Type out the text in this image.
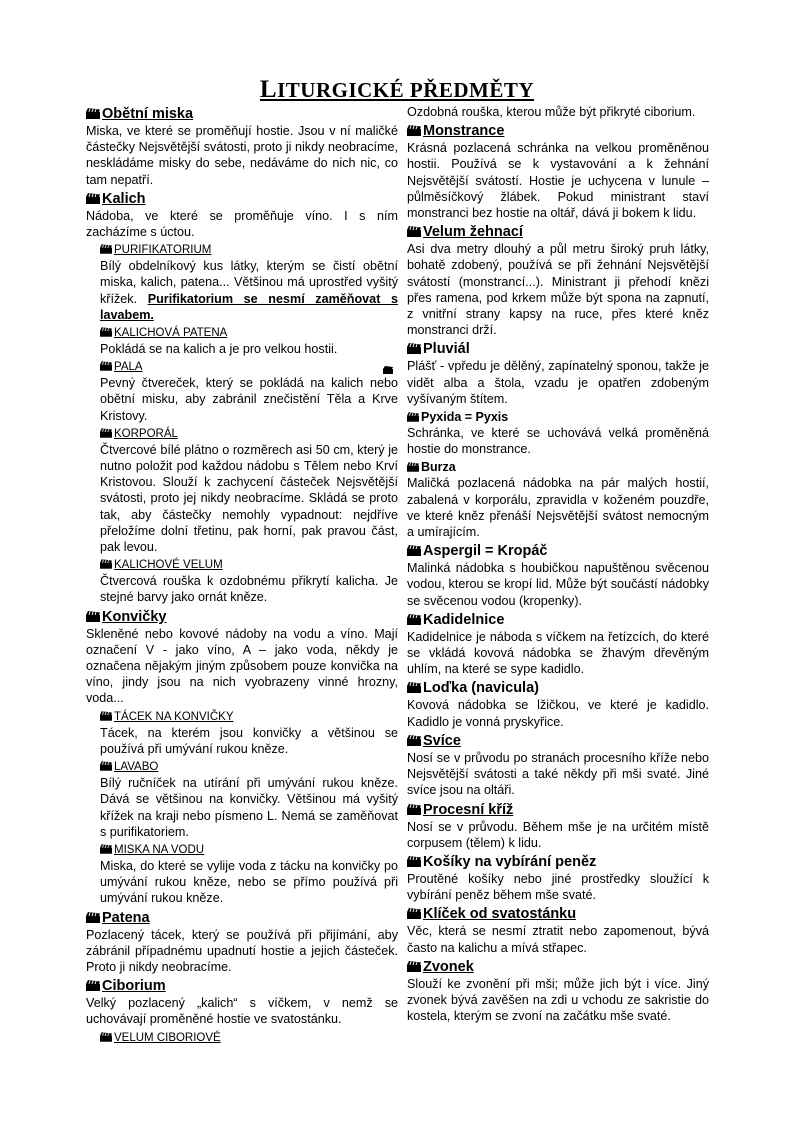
LITURGICKÉ PŘEDMĚTY
Obětní miska
Miska, ve které se proměňují hostie. Jsou v ní maličké částečky Nejsvětější svátosti, proto ji nikdy neobracíme, neskládáme misky do sebe, nedáváme do nich nic, co tam nepatří.
Kalich
Nádoba, ve které se proměňuje víno. I s ním zacházíme s úctou.
PURIFIKATORIUM
Bílý obdelníkový kus látky, kterým se čistí obětní miska, kalich, patena... Většinou má uprostřed vyšitý křížek. Purifikatorium se nesmí zaměňovat s lavabem.
KALICHOVÁ PATENA
Pokládá se na kalich a je pro velkou hostii.
PALA
Pevný čtvereček, který se pokládá na kalich nebo obětní misku, aby zabránil znečistění Těla a Krve Kristovy.
KORPORÁL
Čtvercové bílé plátno o rozměrech asi 50 cm, který je nutno položit pod každou nádobu s Tělem nebo Krví Kristovou. Slouží k zachycení částeček Nejsvětější svátosti, proto jej nikdy neobracíme. Skládá se proto tak, aby částečky nemohly vypadnout: nejdříve přeložíme dolní třetinu, pak horní, pak pravou část, pak levou.
KALICHOVÉ VELUM
Čtvercová rouška k ozdobnému přikrytí kalicha. Je stejné barvy jako ornát kněze.
Konvičky
Skleněné nebo kovové nádoby na vodu a víno. Mají označení V - jako víno, A – jako voda, někdy je označena nějakým jiným způsobem pouze konvička na víno, jindy jsou na nich vyobrazeny vinné hrozny, voda...
TÁCEK NA KONVIČKY
Tácek, na kterém jsou konvičky a většinou se používá při umývání rukou kněze.
LAVABO
Bílý ručníček na utírání při umývání rukou kněze. Dává se většinou na konvičky. Většinou má vyšitý křížek na kraji nebo písmeno L. Nemá se zaměňovat s purifikatoriem.
MISKA NA VODU
Miska, do které se vylije voda z tácku na konvičky po umývání rukou kněze, nebo se přímo používá při umývání rukou kněze.
Patena
Pozlacený tácek, který se používá při přijímání, aby zábránil případnému upadnutí hostie a jejich částeček. Proto ji nikdy neobracíme.
Ciborium
Velký pozlacený „kalich“ s víčkem, v nemž se uchovávají proměněné hostie ve svatostánku.
VELUM CIBORIOVÉ
Ozdobná rouška, kterou může být přikryté ciborium.
Monstrance
Krásná pozlacená schránka na velkou proměněnou hostii. Používá se k vystavování a k žehnání Nejsvětější svátostí. Hostie je uchycena v lunule – půlměsíčkový žlábek. Pokud ministrant staví monstranci bez hostie na oltář, dává ji bokem k lidu.
Velum žehnací
Asi dva metry dlouhý a půl metru široký pruh látky, bohatě zdobený, používá se při žehnání Nejsvětější svátostí (monstrancí...). Ministrant ji přehodí knězi přes ramena, pod krkem může být spona na zapnutí, z vnitřní strany kapsy na ruce, přes které kněz monstranci drží.
Pluviál
Plášť - vpředu je dělěný, zapínatelný sponou, takže je vidět alba a štola, vzadu je opatřen zdobeným vyšívaným štítem.
Pyxida = Pyxis
Schránka, ve které se uchovává velká proměněná hostie do monstrance.
Burza
Maličká pozlacená nádobka na pár malých hostií, zabalená v korporálu, zpravidla v koženém pouzdře, ve které kněz přenáší Nejsvětější svátost nemocným a umírajícím.
Aspergil = Kropáč
Malinká nádobka s houbičkou napuštěnou svěcenou vodou, kterou se kropí lid. Může být součástí nádobky se svěcenou vodou (kropenky).
Kadidelnice
Kadidelnice je náboda s víčkem na řetízcích, do které se vkládá kovová nádobka se žhavým dřevěným uhlím, na které se sype kadidlo.
Loďka (navicula)
Kovová nádobka se lžičkou, ve které je kadidlo. Kadidlo je vonná pryskyřice.
Svíce
Nosí se v průvodu po stranách procesního kříže nebo Nejsvětější svátosti a také někdy při mši svaté. Jiné svíce jsou na oltáři.
Procesní kříž
Nosí se v průvodu. Během mše je na určitém místě corpusem (tělem) k lidu.
Košíky na vybírání peněz
Proutěné košíky nebo jiné prostředky sloužící k vybírání peněz během mše svaté.
Klíček od svatostánku
Věc, která se nesmí ztratit nebo zapomenout, bývá často na kalichu a mívá střapec.
Zvonek
Slouží ke zvonění při mši; může jich být i více. Jiný zvonek bývá zavěšen na zdi u vchodu ze sakristie do kostela, kterým se zvoní na začátku mše svaté.
